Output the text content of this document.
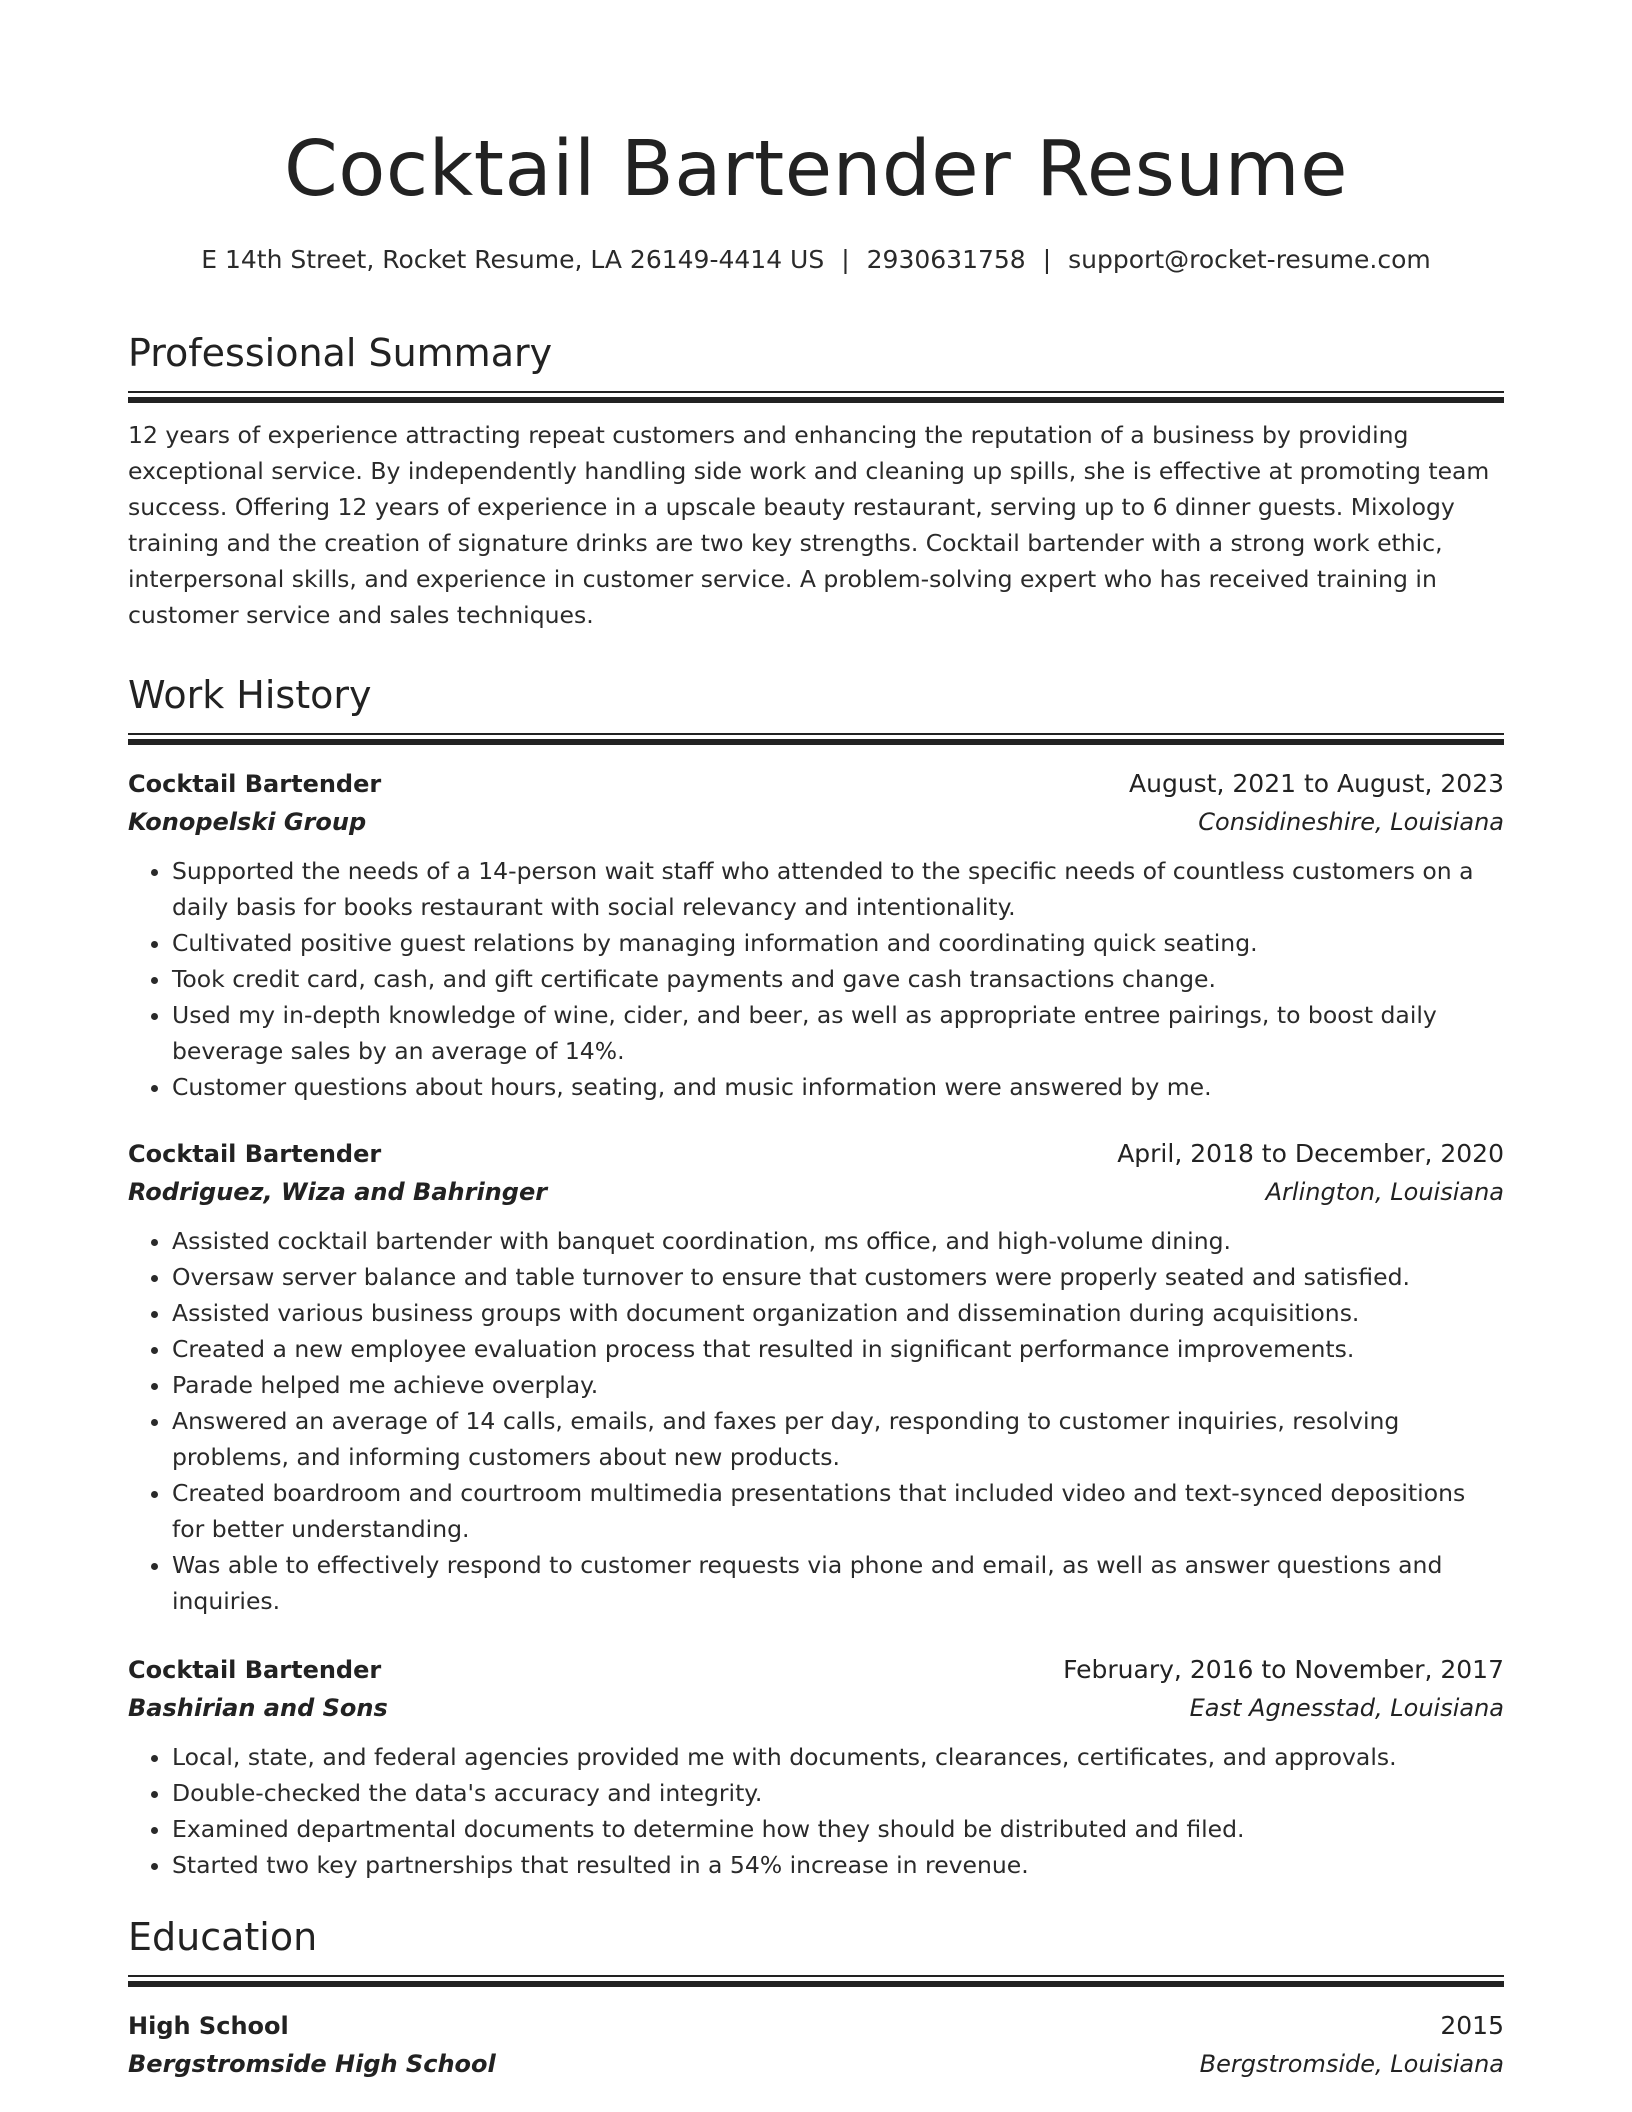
Cocktail Bartender Resume
E 14th Street, Rocket Resume, LA 26149-4414 US | 2930631758 | support@rocket-resume.com
Professional Summary

12 years of experience attracting repeat customers and enhancing the reputation of a business by providing exceptional service. By independently handling side work and cleaning up spills, she is effective at promoting team success. Offering 12 years of experience in a upscale beauty restaurant, serving up to 6 dinner guests. Mixology training and the creation of signature drinks are two key strengths. Cocktail bartender with a strong work ethic, interpersonal skills, and experience in customer service. A problem-solving expert who has received training in customer service and sales techniques.

Work History
Cocktail Bartender	August, 2021 to August, 2023
Konopelski Group	Considineshire, Louisiana
• Supported the needs of a 14-person wait staff who attended to the specific needs of countless customers on a daily basis for books restaurant with social relevancy and intentionality.
• Cultivated positive guest relations by managing information and coordinating quick seating.
• Took credit card, cash, and gift certificate payments and gave cash transactions change.
• Used my in-depth knowledge of wine, cider, and beer, as well as appropriate entree pairings, to boost daily beverage sales by an average of 14%.
• Customer questions about hours, seating, and music information were answered by me.
Cocktail Bartender	April, 2018 to December, 2020
Rodriguez, Wiza and Bahringer	Arlington, Louisiana
• Assisted cocktail bartender with banquet coordination, ms office, and high-volume dining.
• Oversaw server balance and table turnover to ensure that customers were properly seated and satisfied.
• Assisted various business groups with document organization and dissemination during acquisitions.
• Created a new employee evaluation process that resulted in significant performance improvements.
• Parade helped me achieve overplay.
• Answered an average of 14 calls, emails, and faxes per day, responding to customer inquiries, resolving problems, and informing customers about new products.
• Created boardroom and courtroom multimedia presentations that included video and text-synced depositions for better understanding.
• Was able to effectively respond to customer requests via phone and email, as well as answer questions and inquiries.
Cocktail Bartender	February, 2016 to November, 2017
Bashirian and Sons	East Agnesstad, Louisiana
• Local, state, and federal agencies provided me with documents, clearances, certificates, and approvals.
• Double-checked the data's accuracy and integrity.
• Examined departmental documents to determine how they should be distributed and filed.
• Started two key partnerships that resulted in a 54% increase in revenue.
Education
High School	2015
Bergstromside High School	Bergstromside, Louisiana
